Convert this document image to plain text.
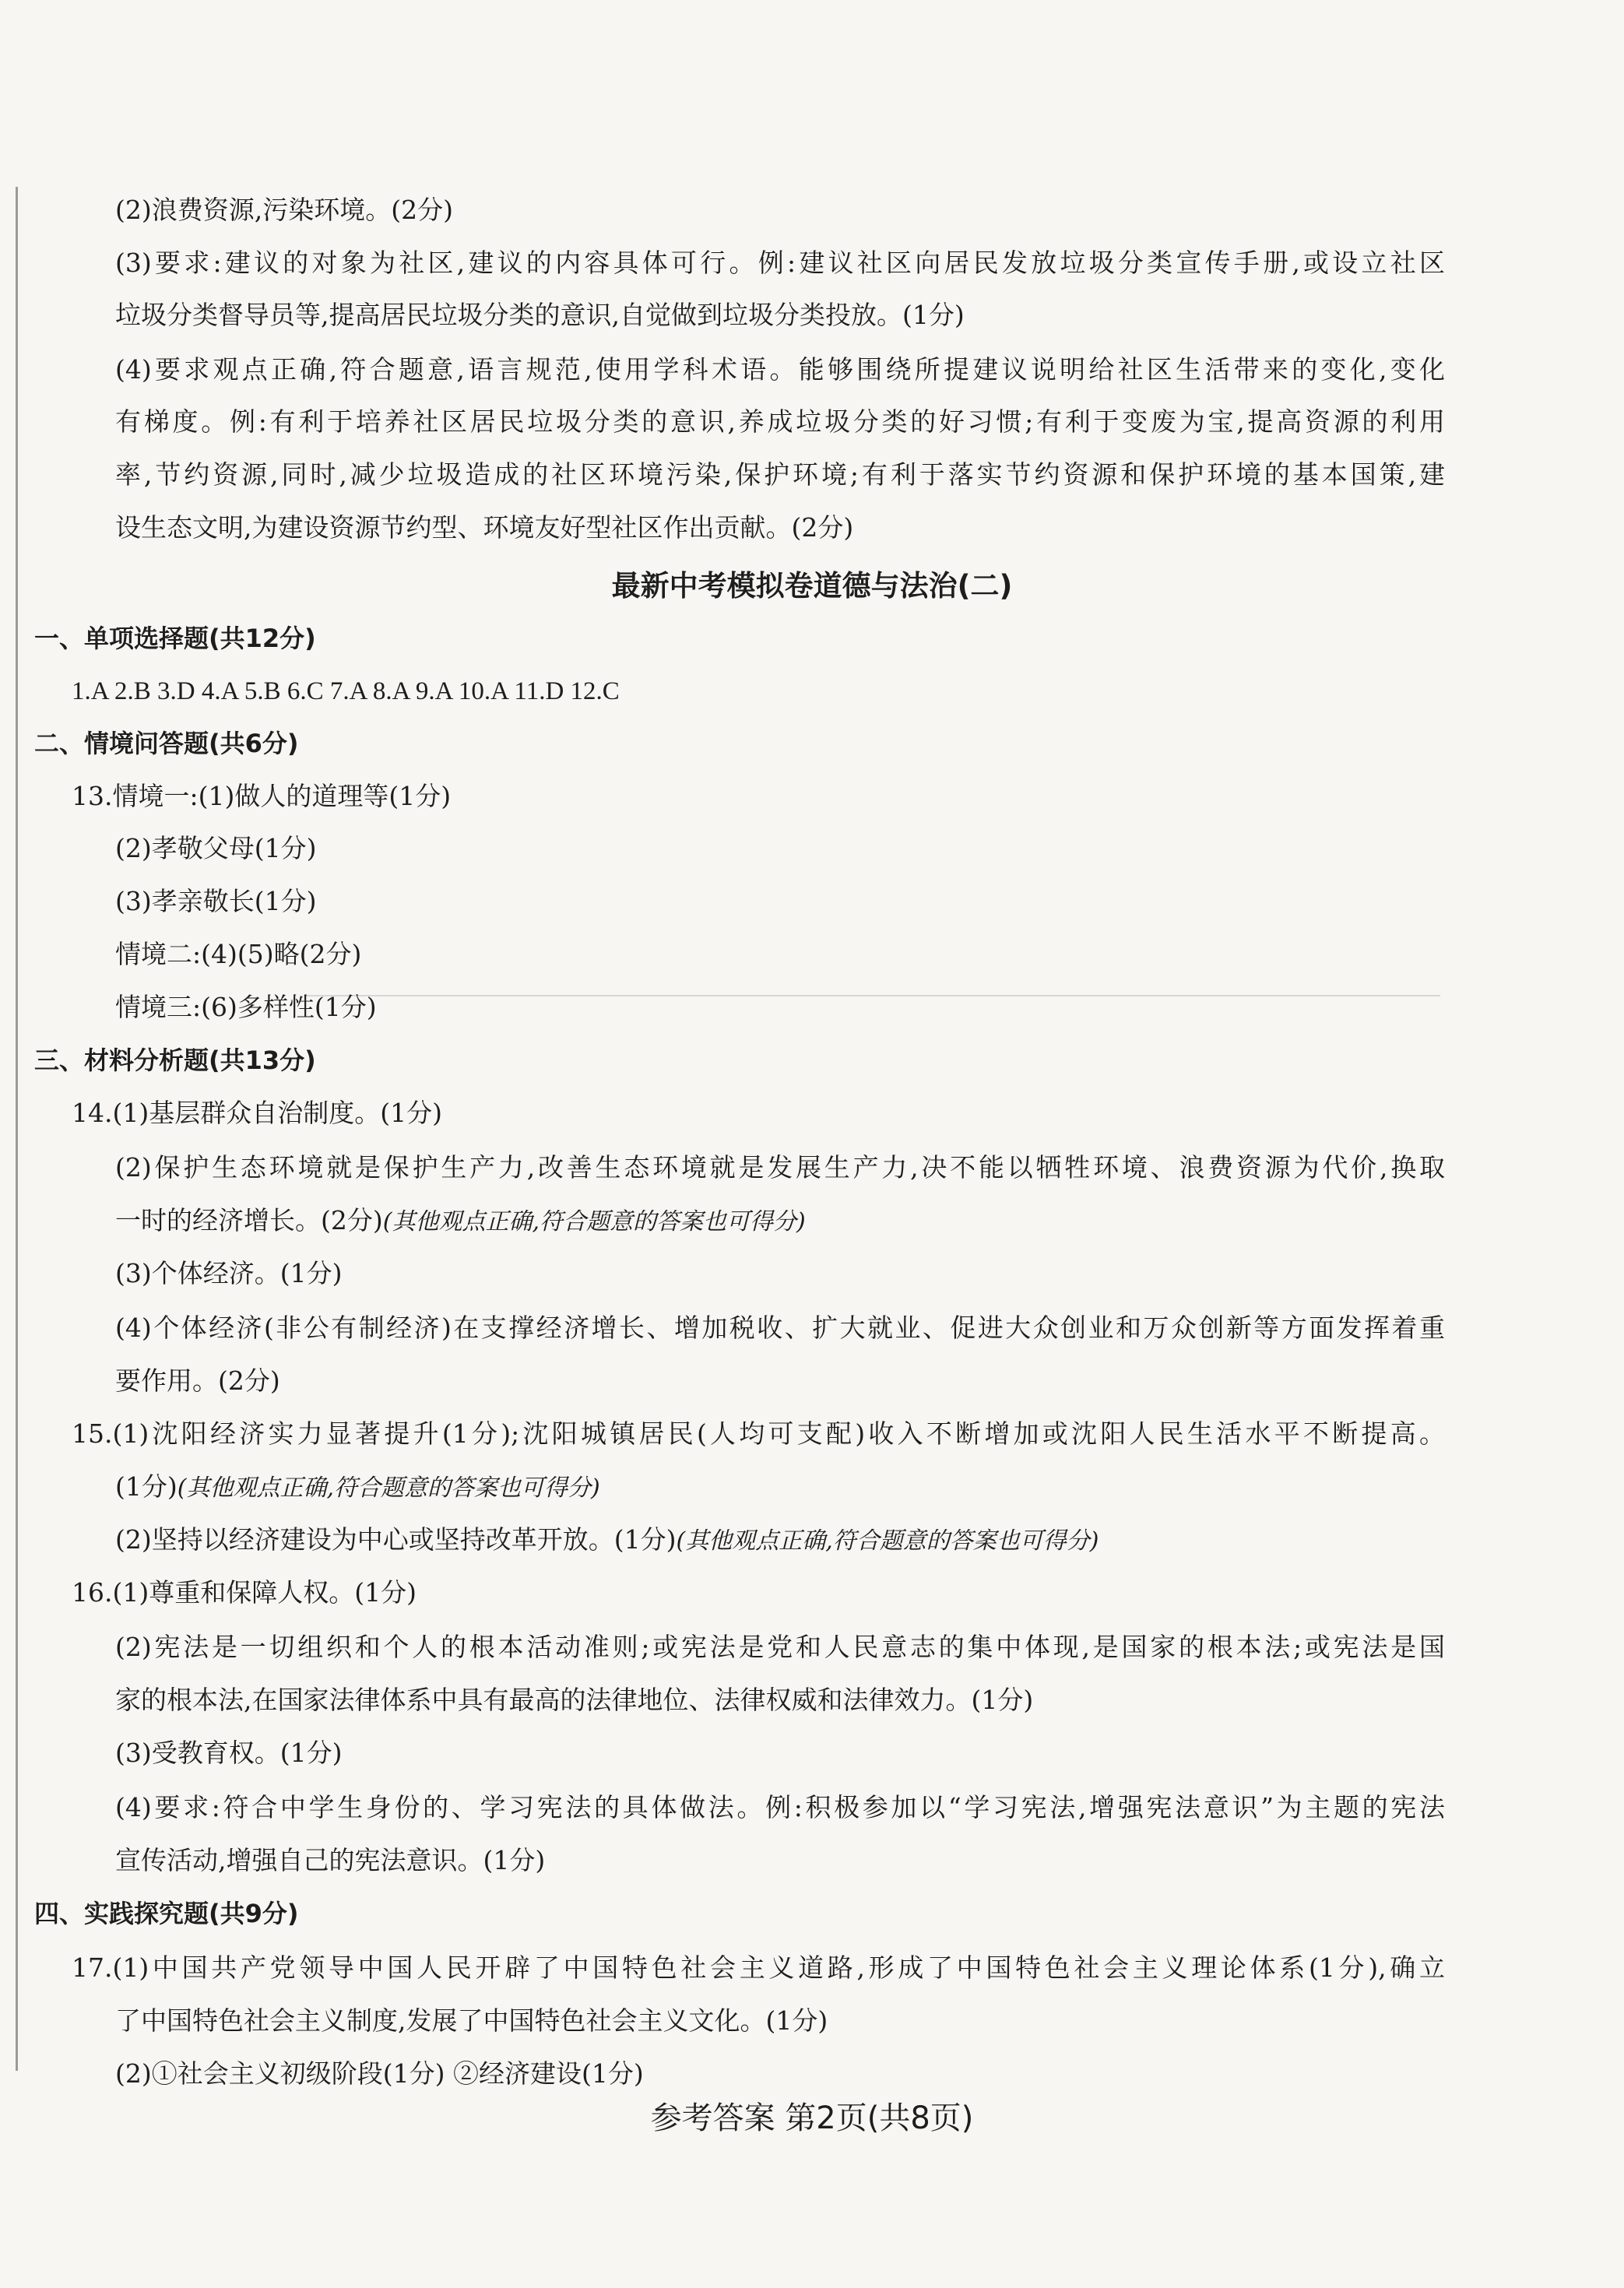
(2)浪费资源,污染环境。(2分)
(3)要求:建议的对象为社区,建议的内容具体可行。例:建议社区向居民发放垃圾分类宣传手册,或设立社区
垃圾分类督导员等,提高居民垃圾分类的意识,自觉做到垃圾分类投放。(1分)
(4)要求观点正确,符合题意,语言规范,使用学科术语。能够围绕所提建议说明给社区生活带来的变化,变化
有梯度。例:有利于培养社区居民垃圾分类的意识,养成垃圾分类的好习惯;有利于变废为宝,提高资源的利用
率,节约资源,同时,减少垃圾造成的社区环境污染,保护环境;有利于落实节约资源和保护环境的基本国策,建
设生态文明,为建设资源节约型、环境友好型社区作出贡献。(2分)
最新中考模拟卷道德与法治(二)
一、单项选择题(共12分)
1.A 2.B 3.D 4.A 5.B 6.C 7.A 8.A 9.A 10.A 11.D 12.C
二、情境问答题(共6分)
13.情境一:(1)做人的道理等(1分)
(2)孝敬父母(1分)
(3)孝亲敬长(1分)
情境二:(4)(5)略(2分)
情境三:(6)多样性(1分)
三、材料分析题(共13分)
14.(1)基层群众自治制度。(1分)
(2)保护生态环境就是保护生产力,改善生态环境就是发展生产力,决不能以牺牲环境、浪费资源为代价,换取
一时的经济增长。(2分)(其他观点正确,符合题意的答案也可得分)
(3)个体经济。(1分)
(4)个体经济(非公有制经济)在支撑经济增长、增加税收、扩大就业、促进大众创业和万众创新等方面发挥着重
要作用。(2分)
15.(1)沈阳经济实力显著提升(1分);沈阳城镇居民(人均可支配)收入不断增加或沈阳人民生活水平不断提高。
(1分)(其他观点正确,符合题意的答案也可得分)
(2)坚持以经济建设为中心或坚持改革开放。(1分)(其他观点正确,符合题意的答案也可得分)
16.(1)尊重和保障人权。(1分)
(2)宪法是一切组织和个人的根本活动准则;或宪法是党和人民意志的集中体现,是国家的根本法;或宪法是国
家的根本法,在国家法律体系中具有最高的法律地位、法律权威和法律效力。(1分)
(3)受教育权。(1分)
(4)要求:符合中学生身份的、学习宪法的具体做法。例:积极参加以“学习宪法,增强宪法意识”为主题的宪法
宣传活动,增强自己的宪法意识。(1分)
四、实践探究题(共9分)
17.(1)中国共产党领导中国人民开辟了中国特色社会主义道路,形成了中国特色社会主义理论体系(1分),确立
了中国特色社会主义制度,发展了中国特色社会主义文化。(1分)
(2)①社会主义初级阶段(1分) ②经济建设(1分)
参考答案 第2页(共8页)
